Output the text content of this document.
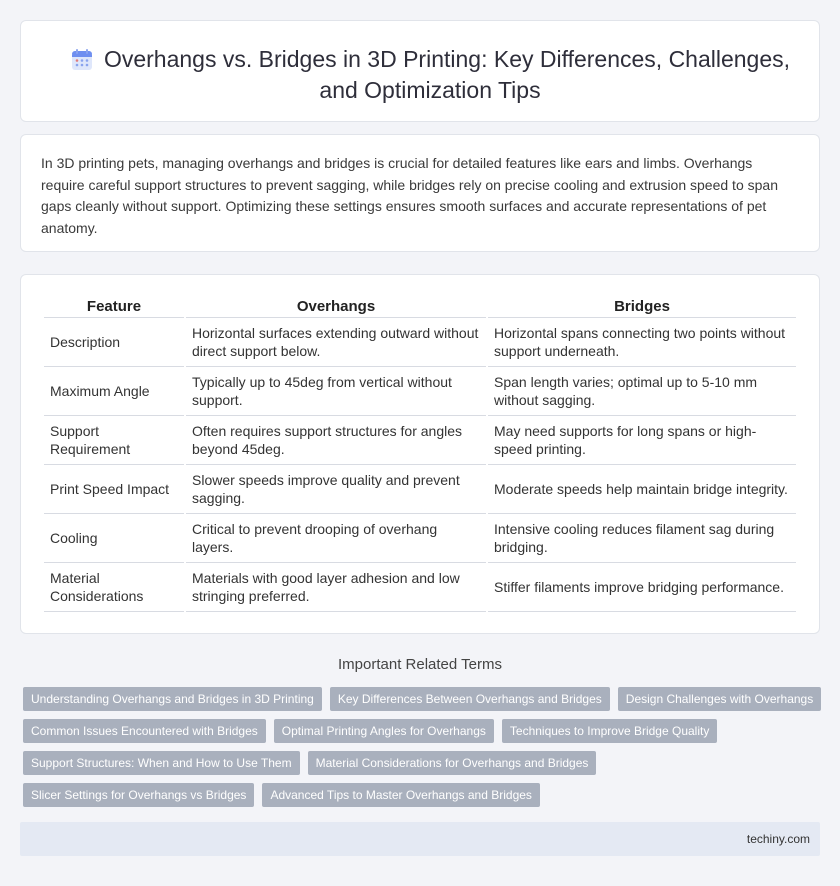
Overhangs vs. Bridges in 3D Printing: Key Differences, Challenges, and Optimization Tips

In 3D printing pets, managing overhangs and bridges is crucial for detailed features like ears and limbs. Overhangs require careful support structures to prevent sagging, while bridges rely on precise cooling and extrusion speed to span gaps cleanly without support. Optimizing these settings ensures smooth surfaces and accurate representations of pet anatomy.

Feature	Overhangs	Bridges
Description	Horizontal surfaces extending outward without direct support below.	Horizontal spans connecting two points without support underneath.
Maximum Angle	Typically up to 45deg from vertical without support.	Span length varies; optimal up to 5-10 mm without sagging.
Support Requirement	Often requires support structures for angles beyond 45deg.	May need supports for long spans or high-speed printing.
Print Speed Impact	Slower speeds improve quality and prevent sagging.	Moderate speeds help maintain bridge integrity.
Cooling	Critical to prevent drooping of overhang layers.	Intensive cooling reduces filament sag during bridging.
Material Considerations	Materials with good layer adhesion and low stringing preferred.	Stiffer filaments improve bridging performance.
Important Related Terms
Understanding Overhangs and Bridges in 3D Printing	Key Differences Between Overhangs and Bridges	Design Challenges with Overhangs
Common Issues Encountered with Bridges	Optimal Printing Angles for Overhangs	Techniques to Improve Bridge Quality
Support Structures: When and How to Use Them	Material Considerations for Overhangs and Bridges
Slicer Settings for Overhangs vs Bridges	Advanced Tips to Master Overhangs and Bridges
techiny.com
